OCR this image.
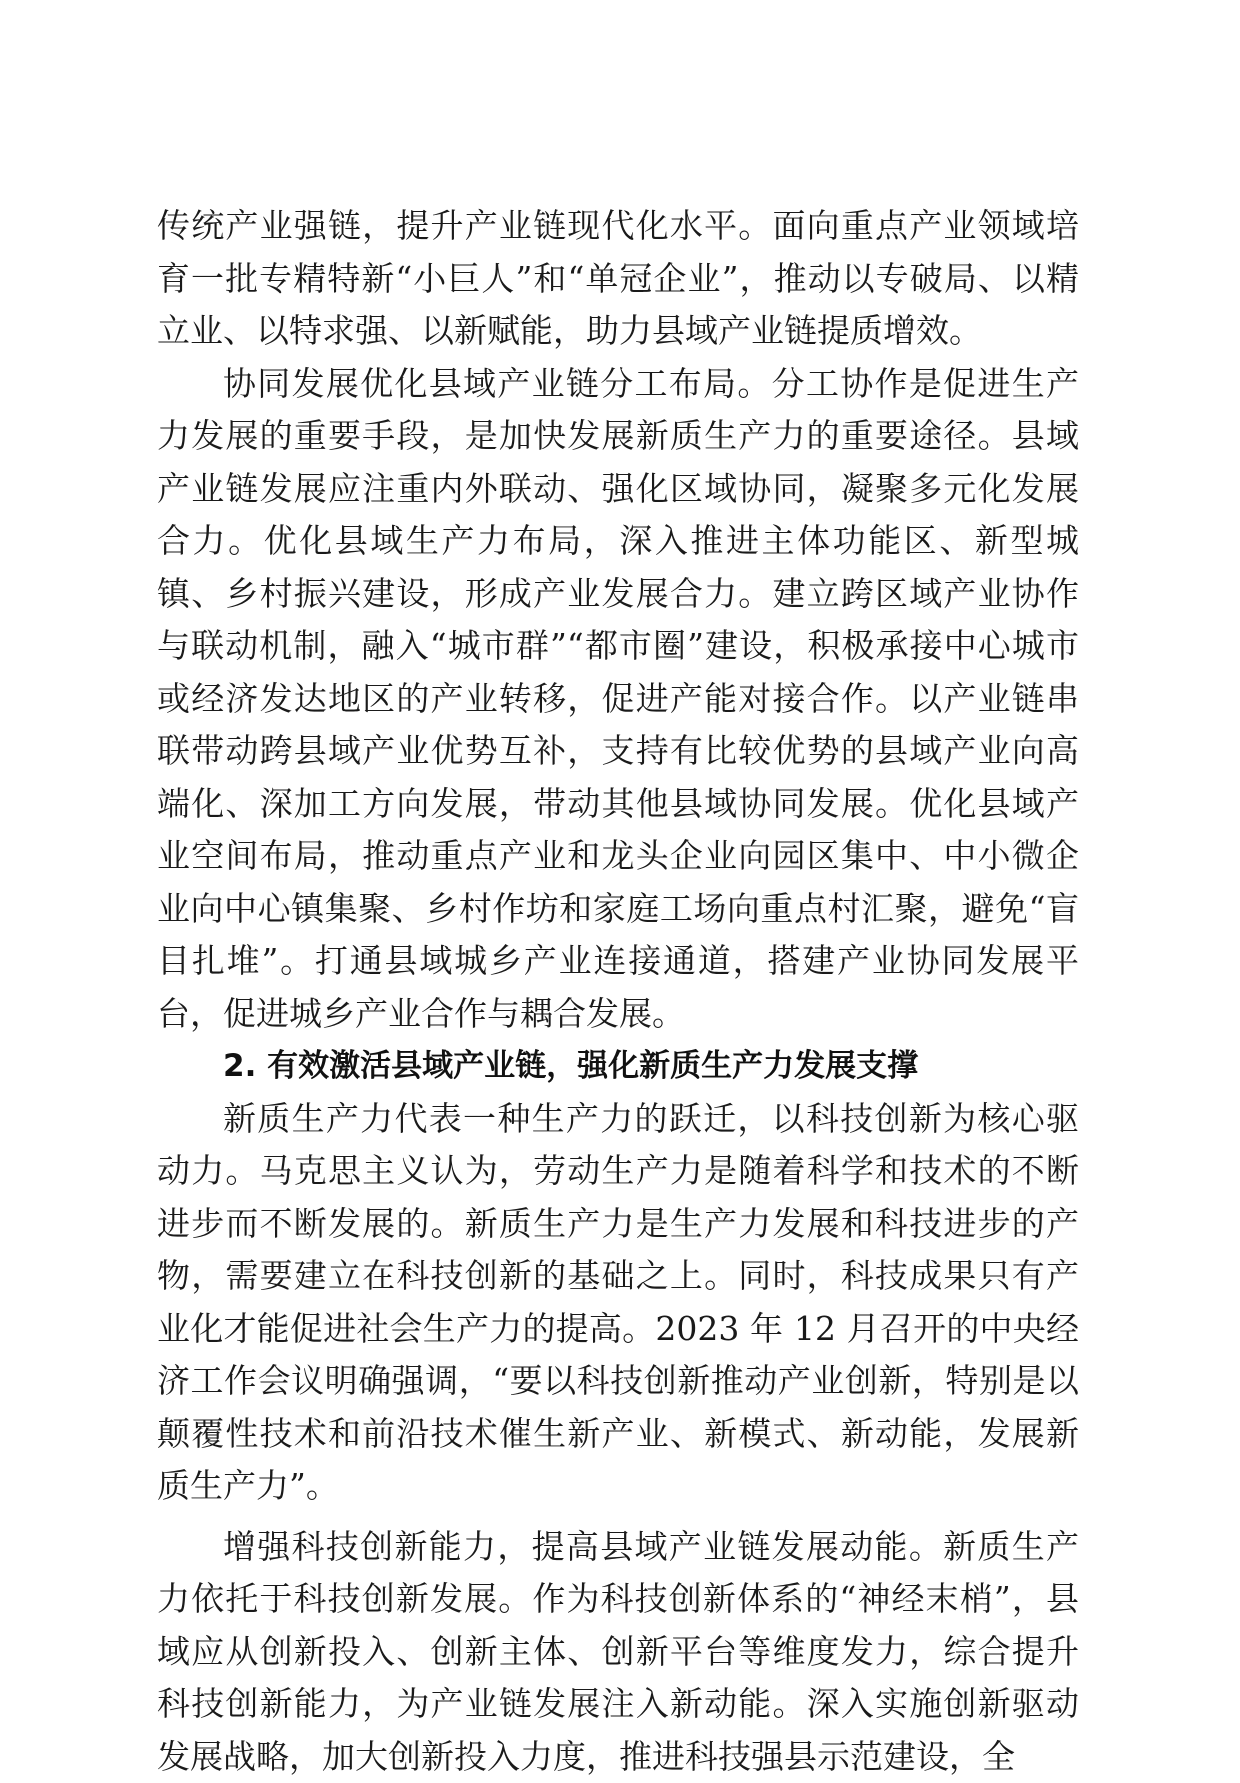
传统产业强链，提升产业链现代化水平。面向重点产业领域培育一批专精特新“小巨人”和“单冠企业”，推动以专破局、以精立业、以特求强、以新赋能，助力县域产业链提质增效。

协同发展优化县域产业链分工布局。分工协作是促进生产力发展的重要手段，是加快发展新质生产力的重要途径。县域产业链发展应注重内外联动、强化区域协同，凝聚多元化发展合力。优化县域生产力布局，深入推进主体功能区、新型城镇、乡村振兴建设，形成产业发展合力。建立跨区域产业协作与联动机制，融入“城市群”“都市圈”建设，积极承接中心城市或经济发达地区的产业转移，促进产能对接合作。以产业链串联带动跨县域产业优势互补，支持有比较优势的县域产业向高端化、深加工方向发展，带动其他县域协同发展。优化县域产业空间布局，推动重点产业和龙头企业向园区集中、中小微企业向中心镇集聚、乡村作坊和家庭工场向重点村汇聚，避免“盲目扎堆”。打通县域城乡产业连接通道，搭建产业协同发展平台，促进城乡产业合作与耦合发展。

2. 有效激活县域产业链，强化新质生产力发展支撑

新质生产力代表一种生产力的跃迁，以科技创新为核心驱动力。马克思主义认为，劳动生产力是随着科学和技术的不断进步而不断发展的。新质生产力是生产力发展和科技进步的产物，需要建立在科技创新的基础之上。同时，科技成果只有产业化才能促进社会生产力的提高。2023 年 12 月召开的中央经济工作会议明确强调，“要以科技创新推动产业创新，特别是以颠覆性技术和前沿技术催生新产业、新模式、新动能，发展新质生产力”。

增强科技创新能力，提高县域产业链发展动能。新质生产力依托于科技创新发展。作为科技创新体系的“神经末梢”，县域应从创新投入、创新主体、创新平台等维度发力，综合提升科技创新能力，为产业链发展注入新动能。深入实施创新驱动发展战略，加大创新投入力度，推进科技强县示范建设，全
